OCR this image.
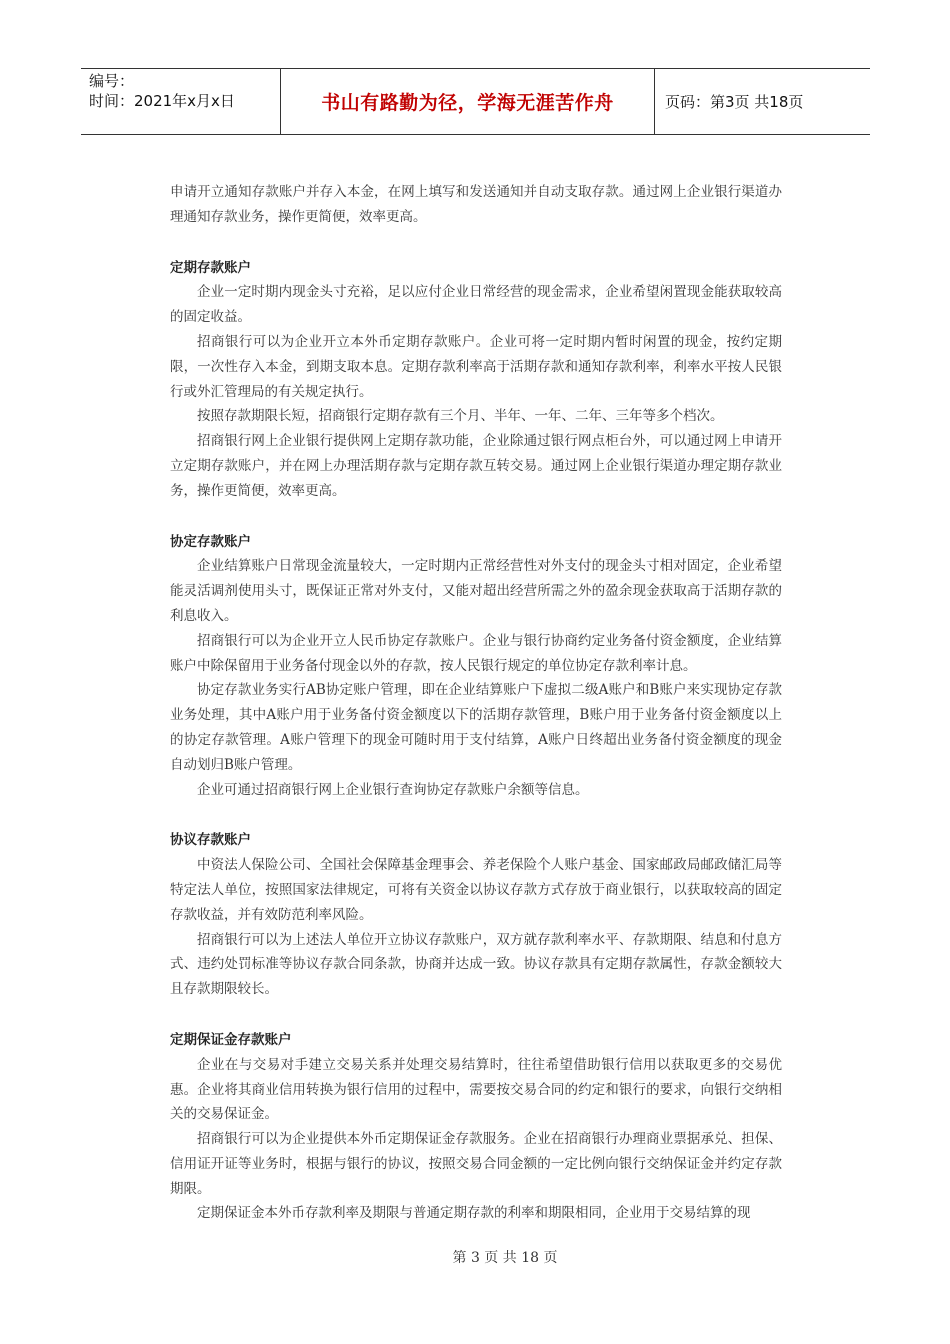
编号：
时间：2021年x月x日	书山有路勤为径，学海无涯苦作舟	页码：第3页 共18页

申请开立通知存款账户并存入本金，在网上填写和发送通知并自动支取存款。通过网上企业银行渠道办理通知存款业务，操作更简便，效率更高。

定期存款账户

企业一定时期内现金头寸充裕，足以应付企业日常经营的现金需求，企业希望闲置现金能获取较高的固定收益。

招商银行可以为企业开立本外币定期存款账户。企业可将一定时期内暂时闲置的现金，按约定期限，一次性存入本金，到期支取本息。定期存款利率高于活期存款和通知存款利率，利率水平按人民银行或外汇管理局的有关规定执行。

按照存款期限长短，招商银行定期存款有三个月、半年、一年、二年、三年等多个档次。

招商银行网上企业银行提供网上定期存款功能，企业除通过银行网点柜台外，可以通过网上申请开立定期存款账户，并在网上办理活期存款与定期存款互转交易。通过网上企业银行渠道办理定期存款业务，操作更简便，效率更高。

协定存款账户

企业结算账户日常现金流量较大，一定时期内正常经营性对外支付的现金头寸相对固定，企业希望能灵活调剂使用头寸，既保证正常对外支付，又能对超出经营所需之外的盈余现金获取高于活期存款的利息收入。

招商银行可以为企业开立人民币协定存款账户。企业与银行协商约定业务备付资金额度，企业结算账户中除保留用于业务备付现金以外的存款，按人民银行规定的单位协定存款利率计息。

协定存款业务实行AB协定账户管理，即在企业结算账户下虚拟二级A账户和B账户来实现协定存款业务处理，其中A账户用于业务备付资金额度以下的活期存款管理，B账户用于业务备付资金额度以上的协定存款管理。A账户管理下的现金可随时用于支付结算，A账户日终超出业务备付资金额度的现金自动划归B账户管理。

企业可通过招商银行网上企业银行查询协定存款账户余额等信息。

协议存款账户

中资法人保险公司、全国社会保障基金理事会、养老保险个人账户基金、国家邮政局邮政储汇局等特定法人单位，按照国家法律规定，可将有关资金以协议存款方式存放于商业银行，以获取较高的固定存款收益，并有效防范利率风险。

招商银行可以为上述法人单位开立协议存款账户，双方就存款利率水平、存款期限、结息和付息方式、违约处罚标准等协议存款合同条款，协商并达成一致。协议存款具有定期存款属性，存款金额较大且存款期限较长。

定期保证金存款账户

企业在与交易对手建立交易关系并处理交易结算时，往往希望借助银行信用以获取更多的交易优惠。企业将其商业信用转换为银行信用的过程中，需要按交易合同的约定和银行的要求，向银行交纳相关的交易保证金。

招商银行可以为企业提供本外币定期保证金存款服务。企业在招商银行办理商业票据承兑、担保、信用证开证等业务时，根据与银行的协议，按照交易合同金额的一定比例向银行交纳保证金并约定存款期限。

定期保证金本外币存款利率及期限与普通定期存款的利率和期限相同，企业用于交易结算的现

第 3 页 共 18 页
